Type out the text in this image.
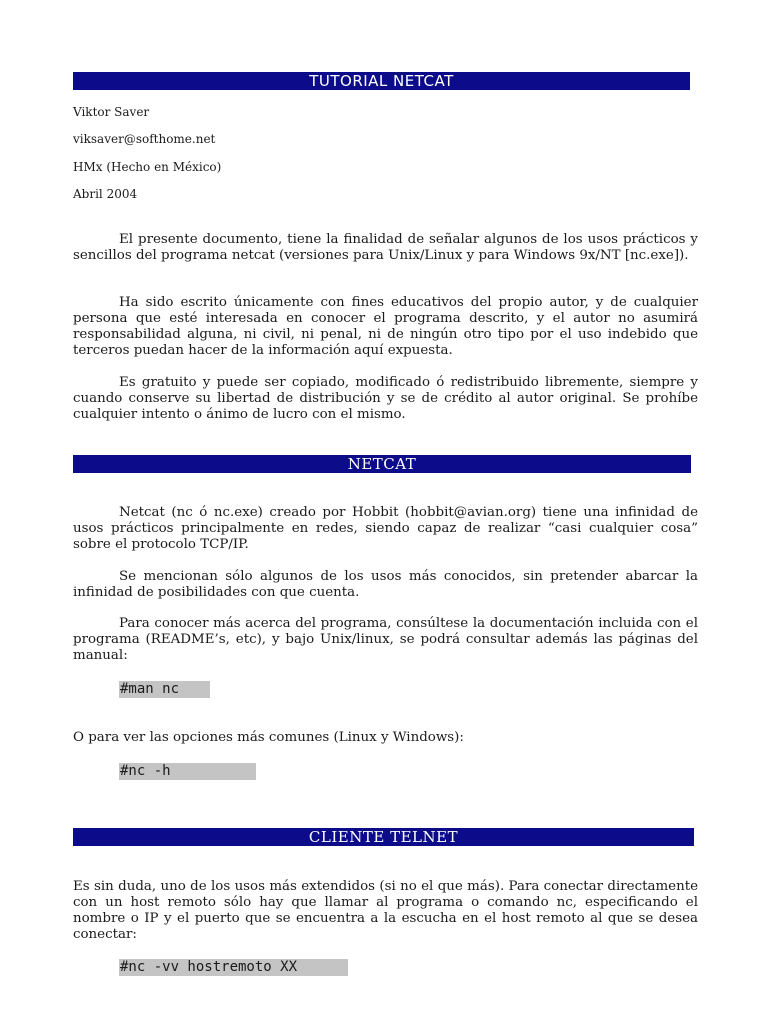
TUTORIAL NETCAT
Viktor Saver
viksaver@softhome.net
HMx (Hecho en México)
Abril 2004

El presente documento, tiene la finalidad de señalar algunos de los usos prácticos y sencillos del programa netcat (versiones para Unix/Linux y para Windows 9x/NT [nc.exe]).

Ha sido escrito únicamente con fines educativos del propio autor, y de cualquier persona que esté interesada en conocer el programa descrito, y el autor no asumirá responsabilidad alguna, ni civil, ni penal, ni de ningún otro tipo por el uso indebido que terceros puedan hacer de la información aquí expuesta.

Es gratuito y puede ser copiado, modificado ó redistribuido libremente, siempre y cuando conserve su libertad de distribución y se de crédito al autor original. Se prohíbe cualquier intento o ánimo de lucro con el mismo.

NETCAT

Netcat (nc ó nc.exe) creado por Hobbit (hobbit@avian.org) tiene una infinidad de usos prácticos principalmente en redes, siendo capaz de realizar “casi cualquier cosa” sobre el protocolo TCP/IP.

Se mencionan sólo algunos de los usos más conocidos, sin pretender abarcar la infinidad de posibilidades con que cuenta.

Para conocer más acerca del programa, consúltese la documentación incluida con el programa (README’s, etc), y bajo Unix/linux, se podrá consultar además las páginas del manual:

#man nc

O para ver las opciones más comunes (Linux y Windows):

#nc -h
CLIENTE TELNET

Es sin duda, uno de los usos más extendidos (si no el que más). Para conectar directamente con un host remoto sólo hay que llamar al programa o comando nc, especificando el nombre o IP y el puerto que se encuentra a la escucha en el host remoto al que se desea conectar:

#nc -vv hostremoto XX
